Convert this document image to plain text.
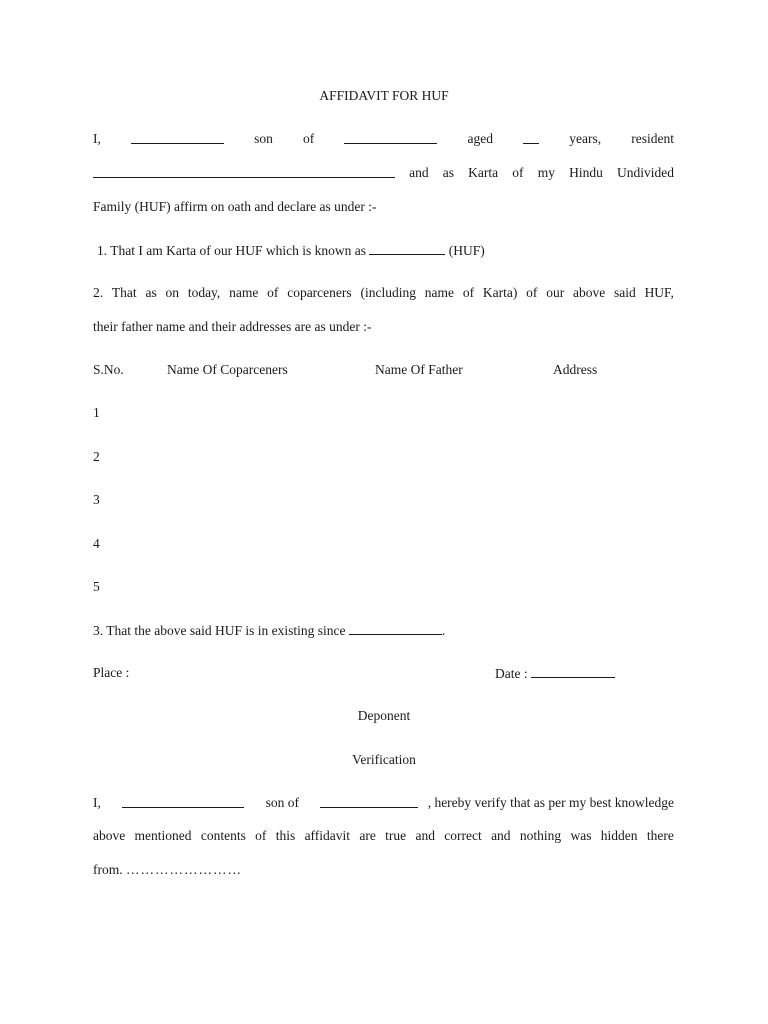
AFFIDAVIT FOR HUF
I,	son of	aged	years, resident
and as Karta of my Hindu Undivided
Family (HUF) affirm on oath and declare as under :-
1. That I am Karta of our HUF which is known as	(HUF)
2. That as on today, name of coparceners (including name of Karta) of our above said HUF,
their father name and their addresses are as under :-
S.No.	Name Of Coparceners	Name Of Father	Address
1
2
3
4
5
3. That the above said HUF is in existing since	.
Place :	Date :
Deponent
Verification
I,	son of	, hereby verify that as per my best knowledge
above mentioned contents of this affidavit are true and correct and nothing was hidden there
from. ……………………
